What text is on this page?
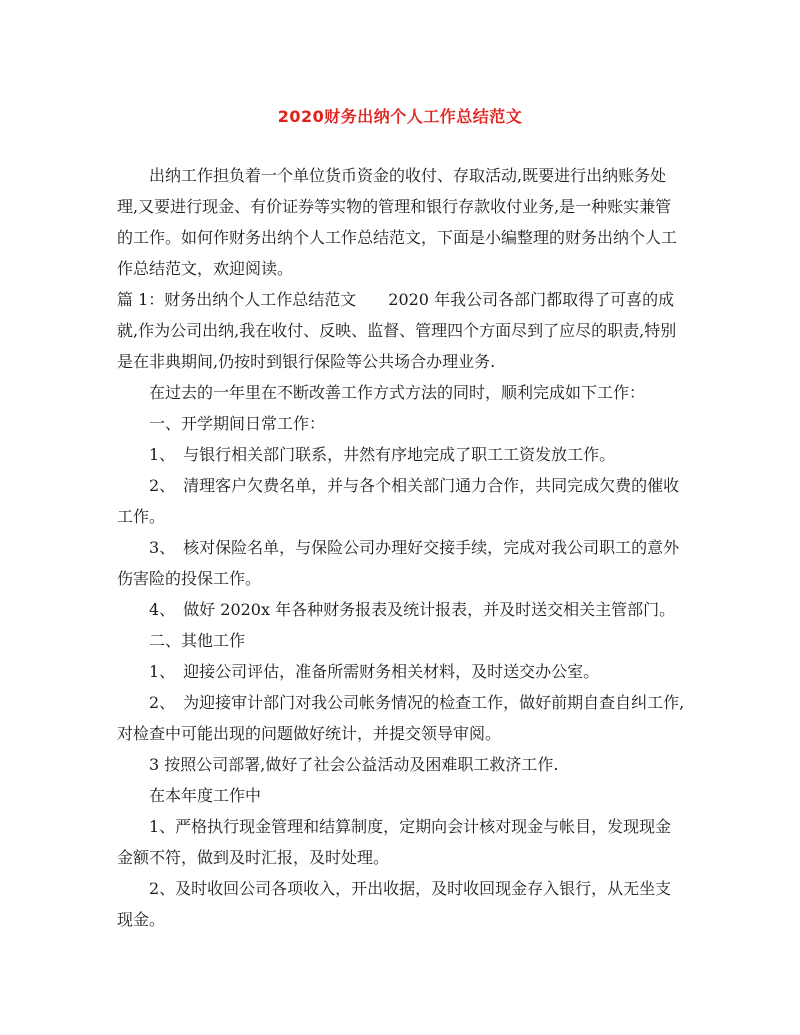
2020财务出纳个人工作总结范文

出纳工作担负着一个单位货币资金的收付、存取活动,既要进行出纳账务处理,又要进行现金、有价证券等实物的管理和银行存款收付业务,是一种账实兼管的工作。如何作财务出纳个人工作总结范文，下面是小编整理的财务出纳个人工作总结范文，欢迎阅读。

篇 1：财务出纳个人工作总结范文　　2020 年我公司各部门都取得了可喜的成就,作为公司出纳,我在收付、反映、监督、管理四个方面尽到了应尽的职责,特别是在非典期间,仍按时到银行保险等公共场合办理业务.

在过去的一年里在不断改善工作方式方法的同时，顺利完成如下工作：

一、开学期间日常工作：

1、　与银行相关部门联系，井然有序地完成了职工工资发放工作。

2、　清理客户欠费名单，并与各个相关部门通力合作，共同完成欠费的催收工作。

3、　核对保险名单，与保险公司办理好交接手续，完成对我公司职工的意外伤害险的投保工作。

4、　做好 2020x 年各种财务报表及统计报表，并及时送交相关主管部门。

二、其他工作

1、　迎接公司评估，准备所需财务相关材料，及时送交办公室。

2、　为迎接审计部门对我公司帐务情况的检查工作，做好前期自查自纠工作,对检查中可能出现的问题做好统计，并提交领导审阅。

3 按照公司部署,做好了社会公益活动及困难职工救济工作.

在本年度工作中

1、严格执行现金管理和结算制度，定期向会计核对现金与帐目，发现现金金额不符，做到及时汇报，及时处理。

2、及时收回公司各项收入，开出收据，及时收回现金存入银行，从无坐支现金。
